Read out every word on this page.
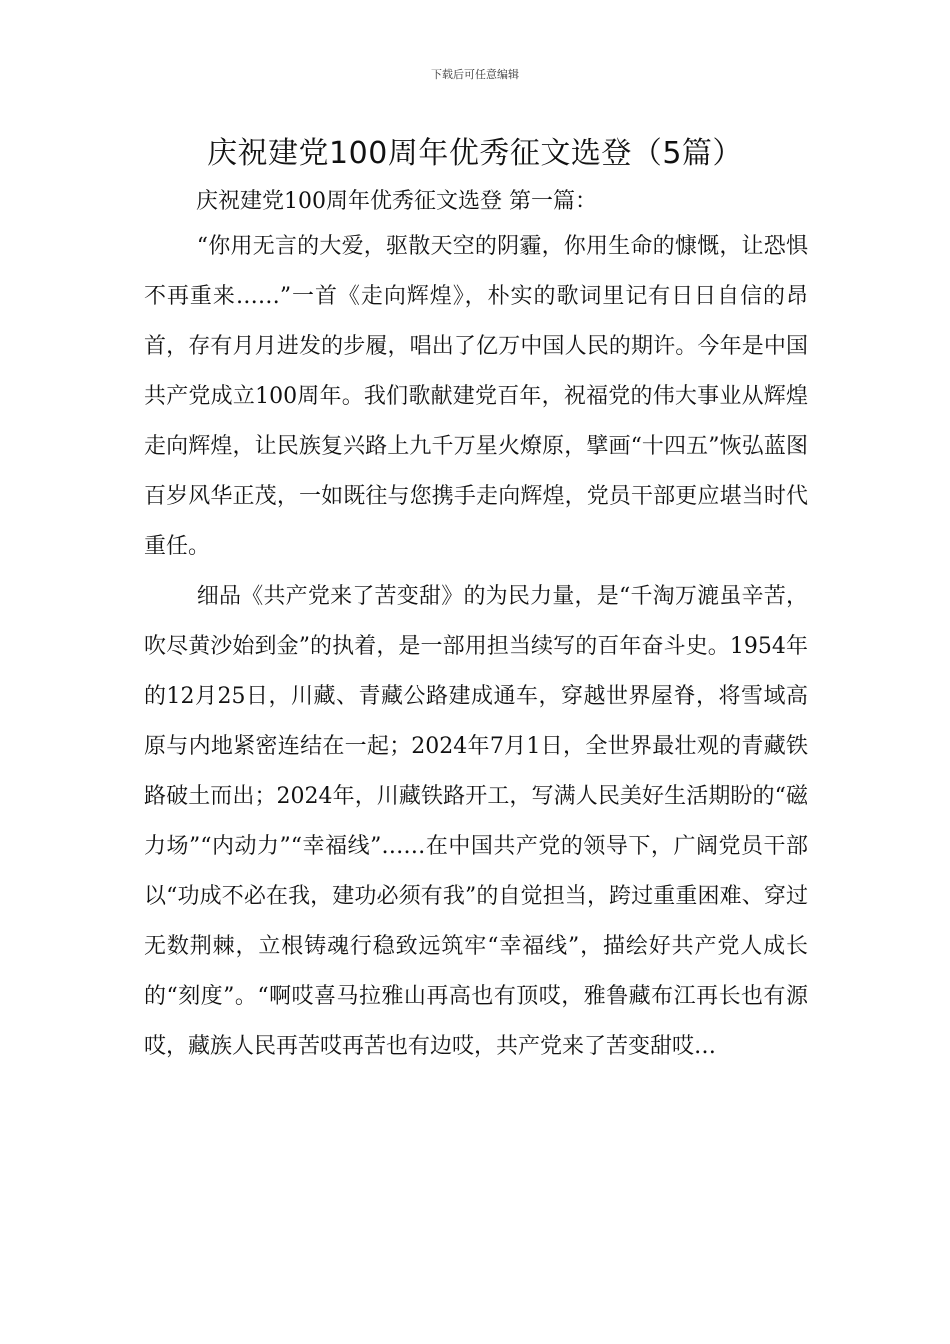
下载后可任意编辑
庆祝建党100周年优秀征文选登（5篇）
庆祝建党100周年优秀征文选登 第一篇：

“你用无言的大爱，驱散天空的阴霾，你用生命的慷慨，让恐惧不再重来……”一首《走向辉煌》，朴实的歌词里记有日日自信的昂首，存有月月进发的步履，唱出了亿万中国人民的期许。今年是中国共产党成立100周年。我们歌献建党百年，祝福党的伟大事业从辉煌走向辉煌，让民族复兴路上九千万星火燎原，擘画“十四五”恢弘蓝图百岁风华正茂，一如既往与您携手走向辉煌，党员干部更应堪当时代重任。

细品《共产党来了苦变甜》的为民力量，是“千淘万漉虽辛苦，吹尽黄沙始到金”的执着，是一部用担当续写的百年奋斗史。1954年的12月25日，川藏、青藏公路建成通车，穿越世界屋脊，将雪域高原与内地紧密连结在一起；2024年7月1日，全世界最壮观的青藏铁路破土而出；2024年，川藏铁路开工，写满人民美好生活期盼的“磁力场”“内动力”“幸福线”……在中国共产党的领导下，广阔党员干部以“功成不必在我，建功必须有我”的自觉担当，跨过重重困难、穿过无数荆棘，立根铸魂行稳致远筑牢“幸福线”，描绘好共产党人成长的“刻度”。“啊哎喜马拉雅山再高也有顶哎，雅鲁藏布江再长也有源哎，藏族人民再苦哎再苦也有边哎，共产党来了苦变甜哎…
